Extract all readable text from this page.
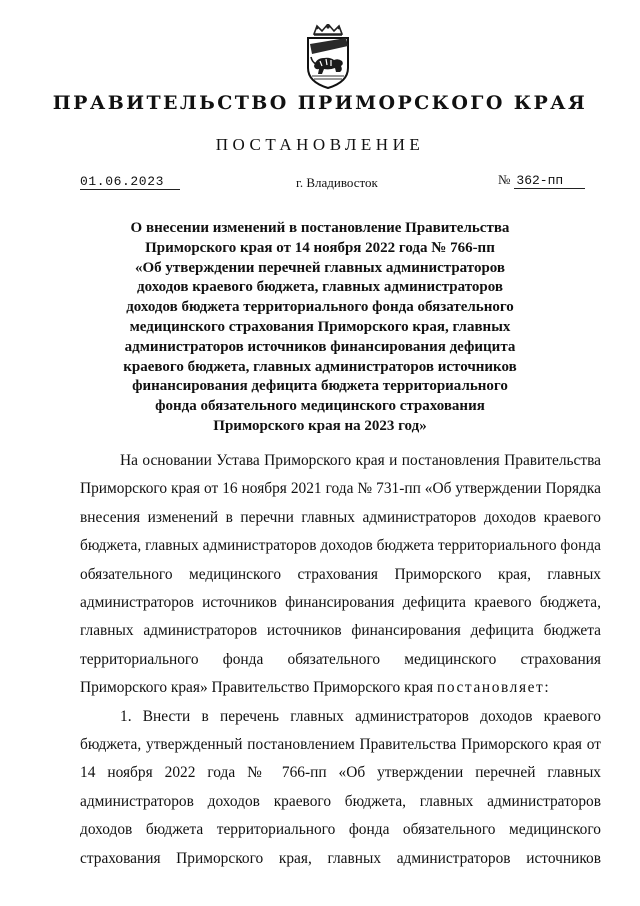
ПРАВИТЕЛЬСТВО ПРИМОРСКОГО КРАЯ
ПОСТАНОВЛЕНИЕ
01.06.2023	г. Владивосток	№ 362-пп
О внесении изменений в постановление Правительства
Приморского края от 14 ноября 2022 года № 766-пп
«Об утверждении перечней главных администраторов
доходов краевого бюджета, главных администраторов
доходов бюджета территориального фонда обязательного
медицинского страхования Приморского края, главных
администраторов источников финансирования дефицита
краевого бюджета, главных администраторов источников
финансирования дефицита бюджета территориального
фонда обязательного медицинского страхования
Приморского края на 2023 год»
На основании Устава Приморского края и постановления Правительства
Приморского края от 16 ноября 2021 года № 731-пп «Об утверждении Порядка
внесения изменений в перечни главных администраторов доходов краевого
бюджета, главных администраторов доходов бюджета территориального фонда
обязательного медицинского страхования Приморского края, главных
администраторов источников финансирования дефицита краевого бюджета,
главных администраторов источников финансирования дефицита бюджета
территориального фонда обязательного медицинского страхования
Приморского края» Правительство Приморского края постановляет:
1. Внести в перечень главных администраторов доходов краевого
бюджета, утвержденный постановлением Правительства Приморского края от
14 ноября 2022 года № 766-пп «Об утверждении перечней главных
администраторов доходов краевого бюджета, главных администраторов
доходов бюджета территориального фонда обязательного медицинского
страхования Приморского края, главных администраторов источников
